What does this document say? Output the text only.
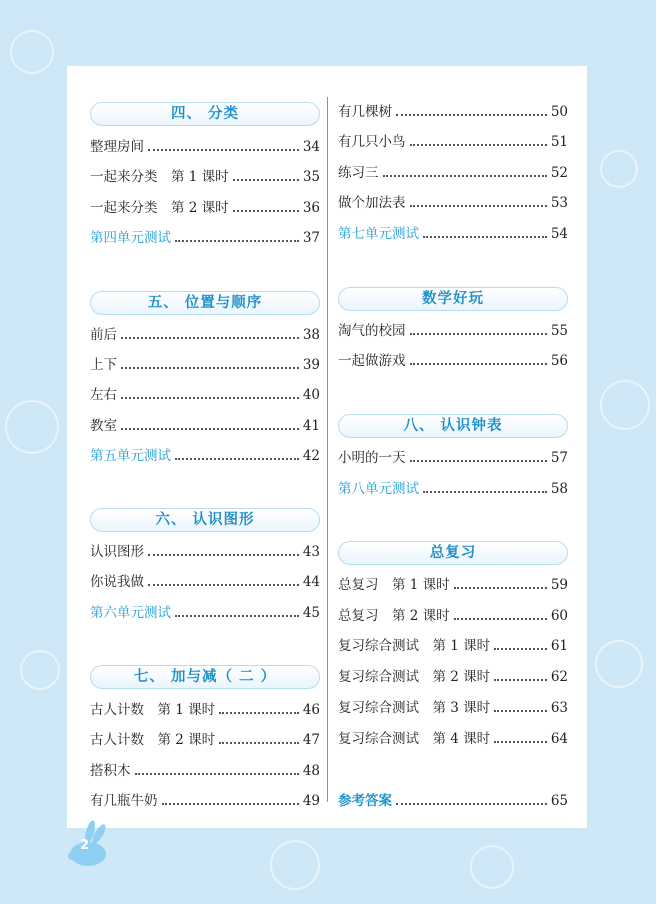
四、 分类
整理房间	34
一起来分类　第 1 课时	35
一起来分类　第 2 课时	36
第四单元测试	37
五、 位置与顺序
前后	38
上下	39
左右	40
教室	41
第五单元测试	42
六、 认识图形
认识图形	43
你说我做	44
第六单元测试	45
七、 加与减（ 二 ）
古人计数　第 1 课时	46
古人计数　第 2 课时	47
搭积木	48
有几瓶牛奶	49
有几棵树	50
有几只小鸟	51
练习三	52
做个加法表	53
第七单元测试	54
数学好玩
淘气的校园	55
一起做游戏	56
八、 认识钟表
小明的一天	57
第八单元测试	58
总复习
总复习　第 1 课时	59
总复习　第 2 课时	60
复习综合测试　第 1 课时	61
复习综合测试　第 2 课时	62
复习综合测试　第 3 课时	63
复习综合测试　第 4 课时	64
参考答案	65
2
